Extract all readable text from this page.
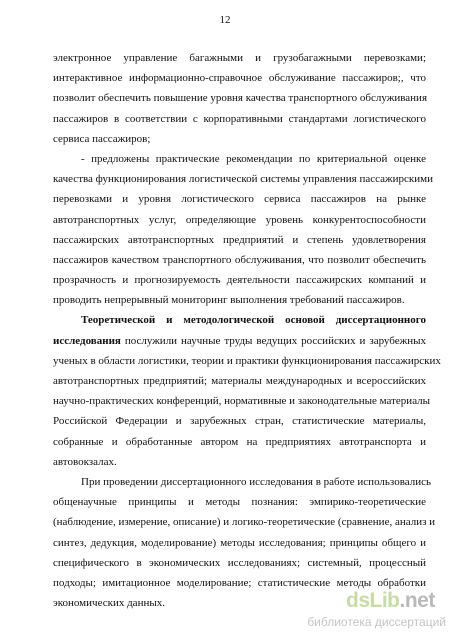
12
электронное управление багажными и грузобагажными перевозками;
интерактивное информационно-справочное обслуживание пассажиров;, что
позволит обеспечить повышение уровня качества транспортного обслуживания
пассажиров в соответствии с корпоративными стандартами логистического
сервиса пассажиров;
- предложены практические рекомендации по критериальной оценке
качества функционирования логистической системы управления пассажирскими
перевозками и уровня логистического сервиса пассажиров на рынке
автотранспортных услуг, определяющие уровень конкурентоспособности
пассажирских автотранспортных предприятий и степень удовлетворения
пассажиров качеством транспортного обслуживания, что позволит обеспечить
прозрачность и прогнозируемость деятельности пассажирских компаний и
проводить непрерывный мониторинг выполнения требований пассажиров.
Теоретической и методологической основой диссертационного
исследования послужили научные труды ведущих российских и зарубежных
ученых в области логистики, теории и практики функционирования пассажирских
автотранспортных предприятий; материалы международных и всероссийских
научно-практических конференций, нормативные и законодательные материалы
Российской Федерации и зарубежных стран, статистические материалы,
собранные и обработанные автором на предприятиях автотранспорта и
автовокзалах.
При проведении диссертационного исследования в работе использовались
общенаучные принципы и методы познания: эмпирико-теоретические
(наблюдение, измерение, описание) и логико-теоретические (сравнение, анализ и
синтез, дедукция, моделирование) методы исследования; принципы общего и
специфического в экономических исследованиях; системный, процессный
подходы; имитационное моделирование; статистические методы обработки
экономических данных.	dsLib.net
библиотека диссертаций
